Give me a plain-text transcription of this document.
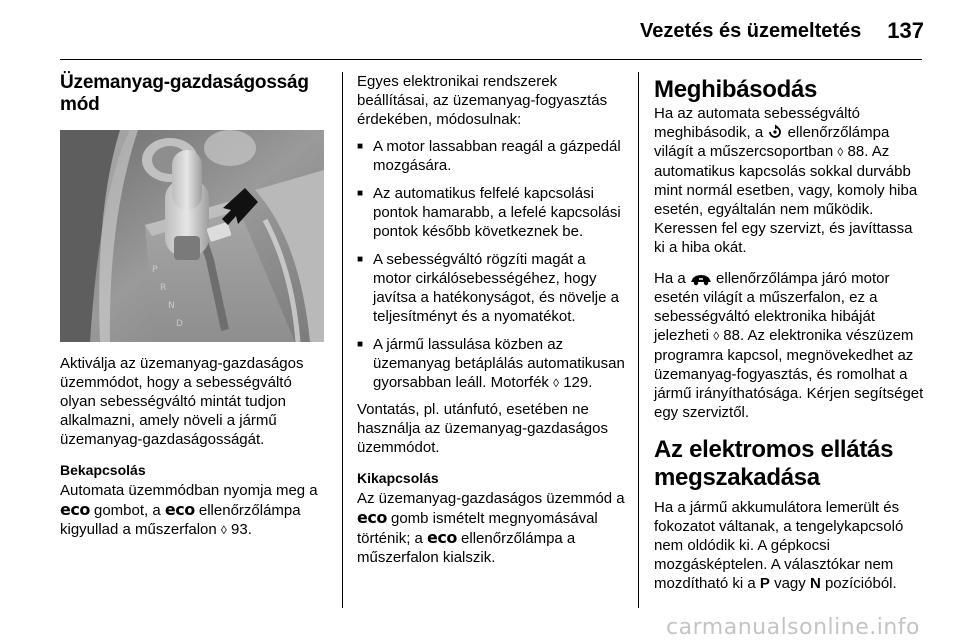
Vezetés és üzemeltetés 137
Üzemanyag-gazdaságosság mód
P
R
N
D

Aktiválja az üzemanyag-gazdaságos üzemmódot, hogy a sebességváltó olyan sebességváltó mintát tudjon alkalmazni, amely növeli a jármű üzemanyag-gazdaságosságát.

Bekapcsolás

Automata üzemmódban nyomja meg a eco gombot, a eco ellenőrzőlámpa kigyullad a műszerfalon ◊ 93.

Egyes elektronikai rendszerek beállításai, az üzemanyag-fogyasztás érdekében, módosulnak:

■ A motor lassabban reagál a gázpedál mozgására.
■ Az automatikus felfelé kapcsolási pontok hamarabb, a lefelé kapcsolási pontok később következnek be.
■ A sebességváltó rögzíti magát a motor cirkálósebességéhez, hogy javítsa a hatékonyságot, és növelje a teljesítményt és a nyomatékot.
■ A jármű lassulása közben az üzemanyag betáplálás automatikusan gyorsabban leáll. Motorfék ◊ 129.

Vontatás, pl. utánfutó, esetében ne használja az üzemanyag-gazdaságos üzemmódot.

Kikapcsolás

Az üzemanyag-gazdaságos üzemmód a eco gomb ismételt megnyomásával történik; a eco ellenőrzőlámpa a műszerfalon kialszik.

Meghibásodás

Ha az automata sebességváltó meghibásodik, a  ellenőrzőlámpa világít a műszercsoportban ◊ 88. Az automatikus kapcsolás sokkal durvább mint normál esetben, vagy, komoly hiba esetén, egyáltalán nem működik. Keressen fel egy szervizt, és javíttassa ki a hiba okát.

Ha a  ellenőrzőlámpa járó motor esetén világít a műszerfalon, ez a sebességváltó elektronika hibáját jelezheti ◊ 88. Az elektronika vészüzem programra kapcsol, megnövekedhet az üzemanyag-fogyasztás, és romolhat a jármű irányíthatósága. Kérjen segítséget egy szerviztől.

Az elektromos ellátás megszakadása

Ha a jármű akkumulátora lemerült és fokozatot váltanak, a tengelykapcsoló nem oldódik ki. A gépkocsi mozgásképtelen. A választókar nem mozdítható ki a P vagy N pozícióból.

carmanualsonline.info
